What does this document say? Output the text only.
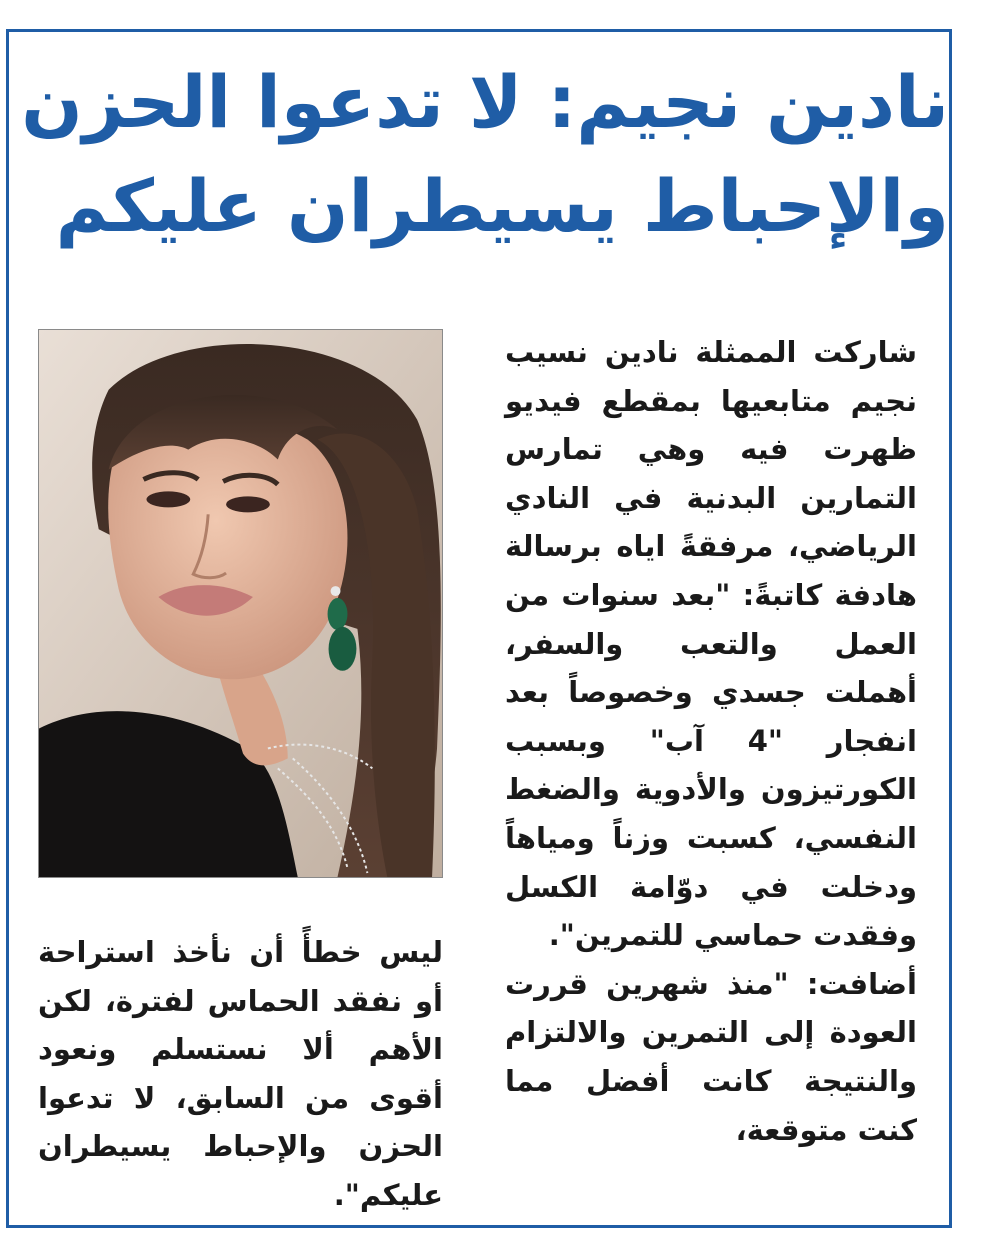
نادين نجيم: لا تدعوا الحزن
والإحباط يسيطران عليكم

شاركت الممثلة نادين نسيب نجيم متابعيها بمقطع فيديو ظهرت فيه وهي تمارس التمارين البدنية في النادي الرياضي، مرفقةً اياه برسالة هادفة كاتبةً: "بعد سنوات من العمل والتعب والسفر، أهملت جسدي وخصوصاً بعد انفجار "4 آب" وبسبب الكورتيزون والأدوية والضغط النفسي، كسبت وزناً ومياهاً ودخلت في دوّامة الكسل وفقدت حماسي للتمرين".

أضافت: "منذ شهرين قررت العودة إلى التمرين والالتزام والنتيجة كانت أفضل مما كنت متوقعة،

ليس خطأً أن نأخذ استراحة أو نفقد الحماس لفترة، لكن الأهم ألا نستسلم ونعود أقوى من السابق، لا تدعوا الحزن والإحباط يسيطران عليكم".
